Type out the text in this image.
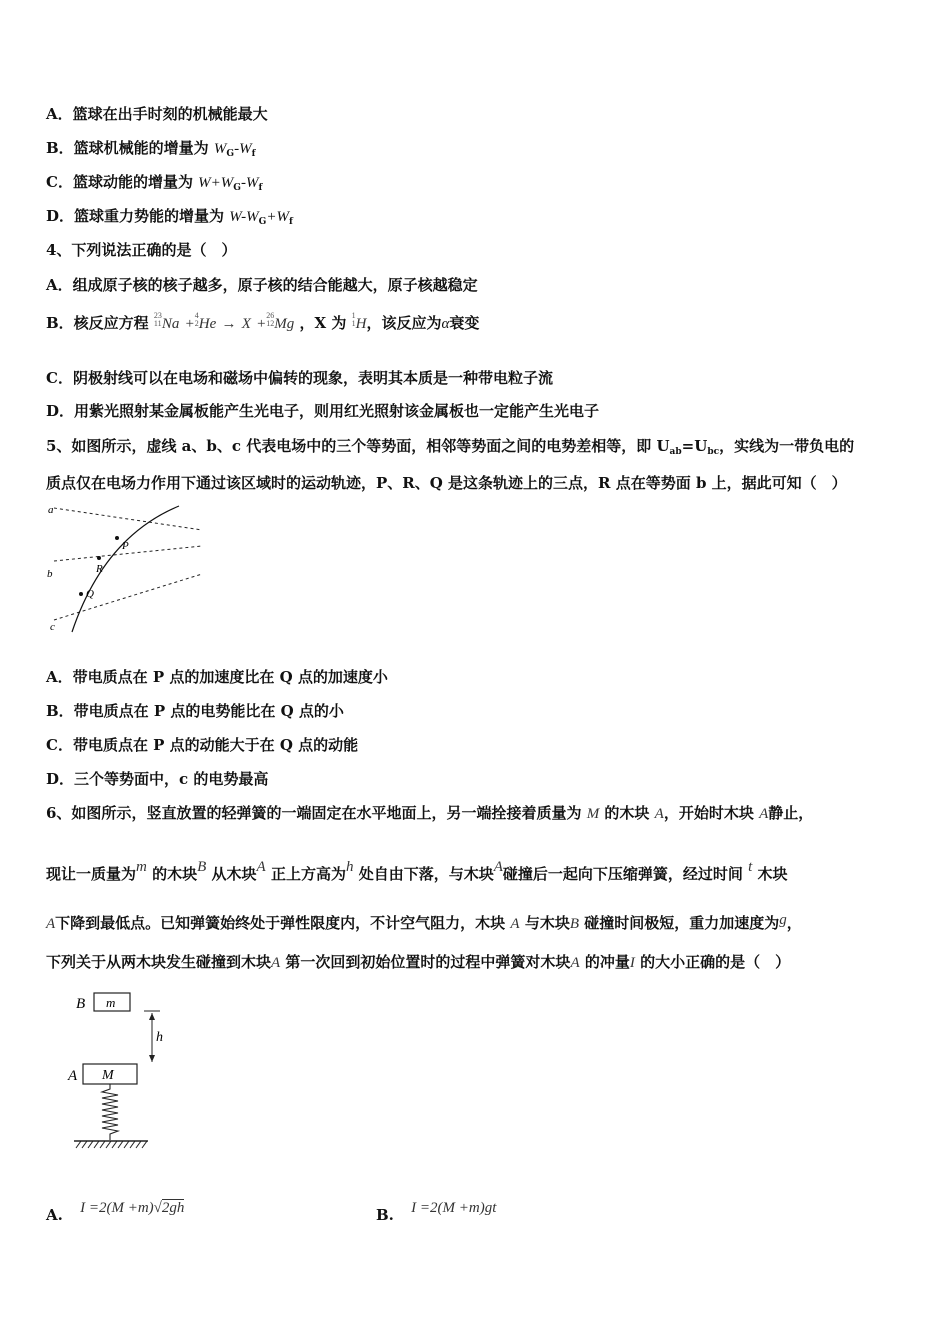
A．篮球在出手时刻的机械能最大
B．篮球机械能的增量为 $W_G-W_f$
C．篮球动能的增量为 $W+W_G-W_f$
D．篮球重力势能的增量为 $W-W_G+W_f$
4、下列说法正确的是（　）
A．组成原子核的核子越多，原子核的结合能越大，原子核越稳定
B．核反应方程 23
11 Na +
4
2 He → X +
26
12 Mg ，X 为 1
1 H，该反应为α衰变
C．阴极射线可以在电场和磁场中偏转的现象，表明其本质是一种带电粒子流
D．用紫光照射某金属板能产生光电子，则用红光照射该金属板也一定能产生光电子
5、如图所示，虚线 a、b、c 代表电场中的三个等势面，相邻等势面之间的电势差相等，即 $U_{ab}=U_{bc}$，实线为一带负电的
质点仅在电场力作用下通过该区域时的运动轨迹，P、R、Q 是这条轨迹上的三点，R 点在等势面 b 上，据此可知（　）
a
b
c
P
R
Q
A．带电质点在 P 点的加速度比在 Q 点的加速度小
B．带电质点在 P 点的电势能比在 Q 点的小
C．带电质点在 P 点的动能大于在 Q 点的动能
D．三个等势面中，c 的电势最高
6、如图所示，竖直放置的轻弹簧的一端固定在水平地面上，另一端拴接着质量为 M 的木块 A，开始时木块 A静止，
现让一质量为m 的木块B 从木块A 正上方高为h 处自由下落，与木块A碰撞后一起向下压缩弹簧，经过时间 t 木块
A下降到最低点。已知弹簧始终处于弹性限度内，不计空气阻力，木块 A 与木块B 碰撞时间极短，重力加速度为g，
下列关于从两木块发生碰撞到木块A 第一次回到初始位置时的过程中弹簧对木块A 的冲量I 的大小正确的是（　）
B m
h
A M
A. I =2(M +m)√2gh	B. I =2(M +m)gt
